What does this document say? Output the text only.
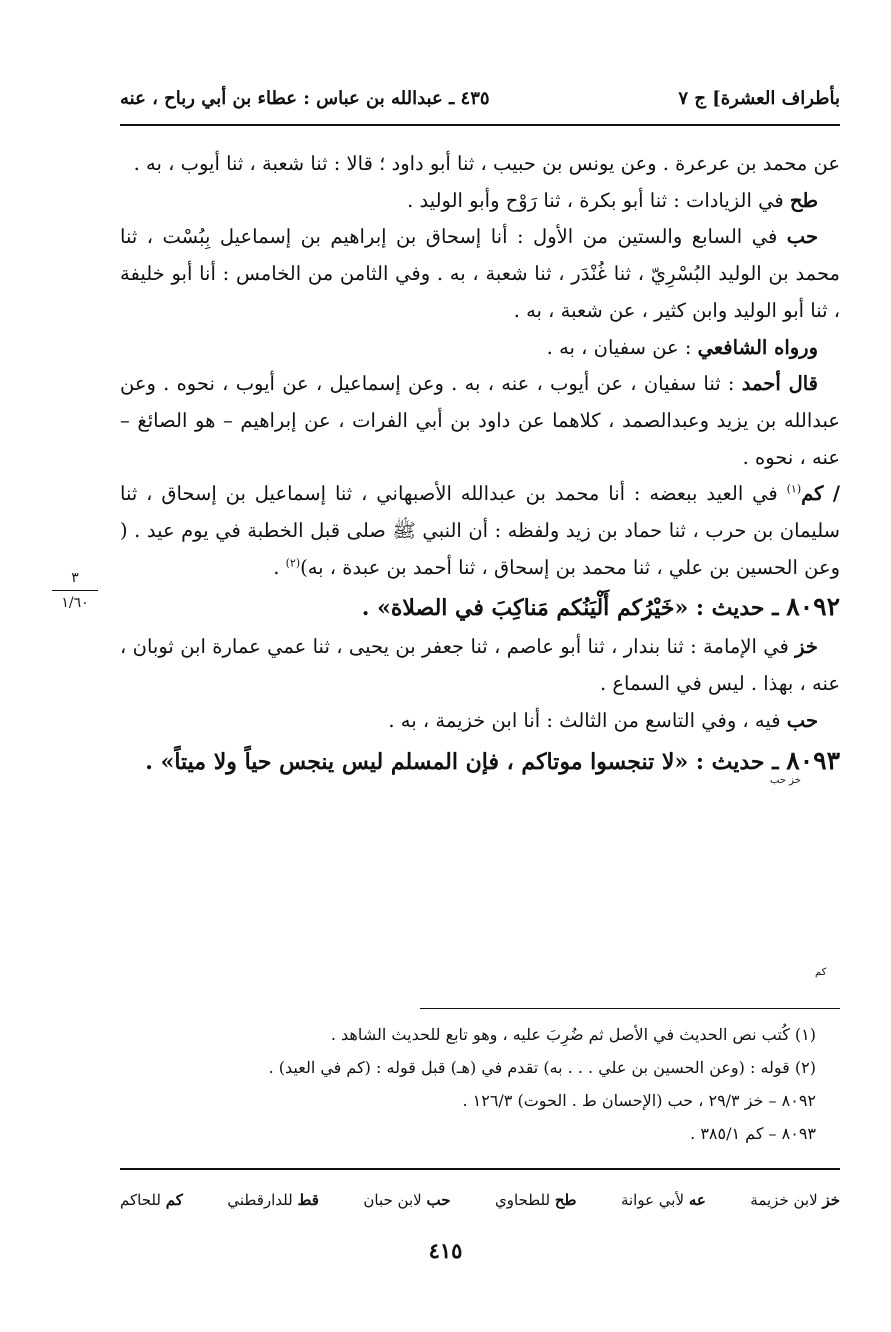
بأطراف العشرة] ج ٧
٤٣٥ ـ عبدالله بن عباس : عطاء بن أبي رباح ، عنه

عن محمد بن عرعرة . وعن يونس بن حبيب ، ثنا أبو داود ؛ قالا : ثنا شعبة ، ثنا أيوب ، به .

طح في الزيادات : ثنا أبو بكرة ، ثنا رَوْح وأبو الوليد .

حب في السابع والستين من الأول : أنا إسحاق بن إبراهيم بن إسماعيل بِبُسْت ، ثنا محمد بن الوليد البُسْرِيّ ، ثنا غُنْدَر ، ثنا شعبة ، به . وفي الثامن من الخامس : أنا أبو خليفة ، ثنا أبو الوليد وابن كثير ، عن شعبة ، به .

ورواه الشافعي : عن سفيان ، به .

قال أحمد : ثنا سفيان ، عن أيوب ، عنه ، به . وعن إسماعيل ، عن أيوب ، نحوه . وعن عبدالله بن يزيد وعبدالصمد ، كلاهما عن داود بن أبي الفرات ، عن إبراهيم – هو الصائغ – عنه ، نحوه .

/ كم$^{(١)}$ في العيد ببعضه : أنا محمد بن عبدالله الأصبهاني ، ثنا إسماعيل بن إسحاق ، ثنا سليمان بن حرب ، ثنا حماد بن زيد ولفظه : أن النبي ﷺ صلى قبل الخطبة في يوم عيد . ( وعن الحسين بن علي ، ثنا محمد بن إسحاق ، ثنا أحمد بن عبدة ، به)$^{(٢)}$ .

٨٠٩٢ ـ حديث : «خَيْرُكم أَلْيَنُكم مَناكِبَ في الصلاة» .

خز في الإمامة : ثنا بندار ، ثنا أبو عاصم ، ثنا جعفر بن يحيى ، ثنا عمي عمارة ابن ثوبان ، عنه ، بهذا . ليس في السماع .

حب فيه ، وفي التاسع من الثالث : أنا ابن خزيمة ، به .

٨٠٩٣ ـ حديث : «لا تنجسوا موتاكم ، فإن المسلم ليس ينجس حياً ولا ميتاً» .

خز حب
كم
٣
١/٦٠

(١) كُتب نص الحديث في الأصل ثم ضُرِبَ عليه ، وهو تابع للحديث الشاهد .

(٢) قوله : (وعن الحسين بن علي . . . به) تقدم في (هـ) قبل قوله : (كم في العيد) .

٨٠٩٢ – خز ٢٩/٣ ، حب (الإحسان ط . الحوت) ١٢٦/٣ .

٨٠٩٣ – كم ٣٨٥/١ .

خز لابن خزيمة
عه لأبي عوانة
طح للطحاوي
حب لابن حبان
قط للدارقطني
كم للحاكم
٤١٥
